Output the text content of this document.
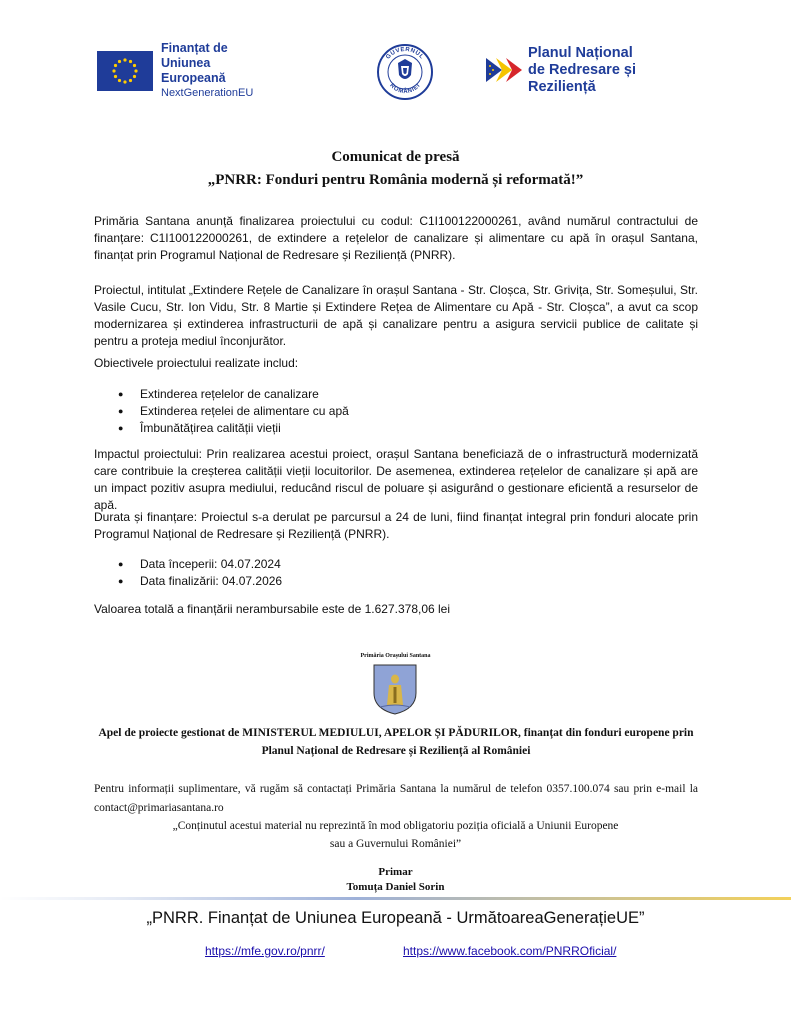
Finanțat de
Uniunea Europeană
NextGenerationEU
GUVERNUL
ROMÂNIEI
Planul Național
de Redresare și Reziliență
Comunicat de presă
„PNRR: Fonduri pentru România modernă și reformată!”

Primăria Santana anunță finalizarea proiectului cu codul: C1I100122000261, având numărul contractului de finanțare: C1I100122000261, de extindere a rețelelor de canalizare și alimentare cu apă în orașul Santana, finanțat prin Programul Național de Redresare și Reziliență (PNRR).

Proiectul, intitulat „Extindere Rețele de Canalizare în orașul Santana - Str. Cloșca, Str. Grivița, Str. Someșului, Str. Vasile Cucu, Str. Ion Vidu, Str. 8 Martie și Extindere Rețea de Alimentare cu Apă - Str. Cloșca”, a avut ca scop modernizarea și extinderea infrastructurii de apă și canalizare pentru a asigura servicii publice de calitate și pentru a proteja mediul înconjurător.

Obiectivele proiectului realizate includ:

● Extinderea rețelelor de canalizare
● Extinderea rețelei de alimentare cu apă
● Îmbunătățirea calității vieții

Impactul proiectului: Prin realizarea acestui proiect, orașul Santana beneficiază de o infrastructură modernizată care contribuie la creșterea calității vieții locuitorilor. De asemenea, extinderea rețelelor de canalizare și apă are un impact pozitiv asupra mediului, reducând riscul de poluare și asigurând o gestionare eficientă a resurselor de apă.

Durata și finanțare: Proiectul s-a derulat pe parcursul a 24 de luni, fiind finanțat integral prin fonduri alocate prin Programul Național de Redresare și Reziliență (PNRR).

● Data începerii: 04.07.2024
● Data finalizării: 04.07.2026

Valoarea totală a finanțării nerambursabile este de 1.627.378,06 lei

Primăria Orașului Santana
Apel de proiecte gestionat de MINISTERUL MEDIULUI, APELOR ȘI PĂDURILOR, finanțat din fonduri europene prin
Planul Național de Redresare și Reziliență al României

Pentru informații suplimentare, vă rugăm să contactați Primăria Santana la numărul de telefon 0357.100.074 sau prin e-mail la contact@primariasantana.ro

„Conținutul acestui material nu reprezintă în mod obligatoriu poziția oficială a Uniunii Europene
sau a Guvernului României”
Primar
Tomuța Daniel Sorin
„PNRR. Finanțat de Uniunea Europeană - UrmătoareaGenerațieUE”
https://mfe.gov.ro/pnrr/	https://www.facebook.com/PNRROficial/
